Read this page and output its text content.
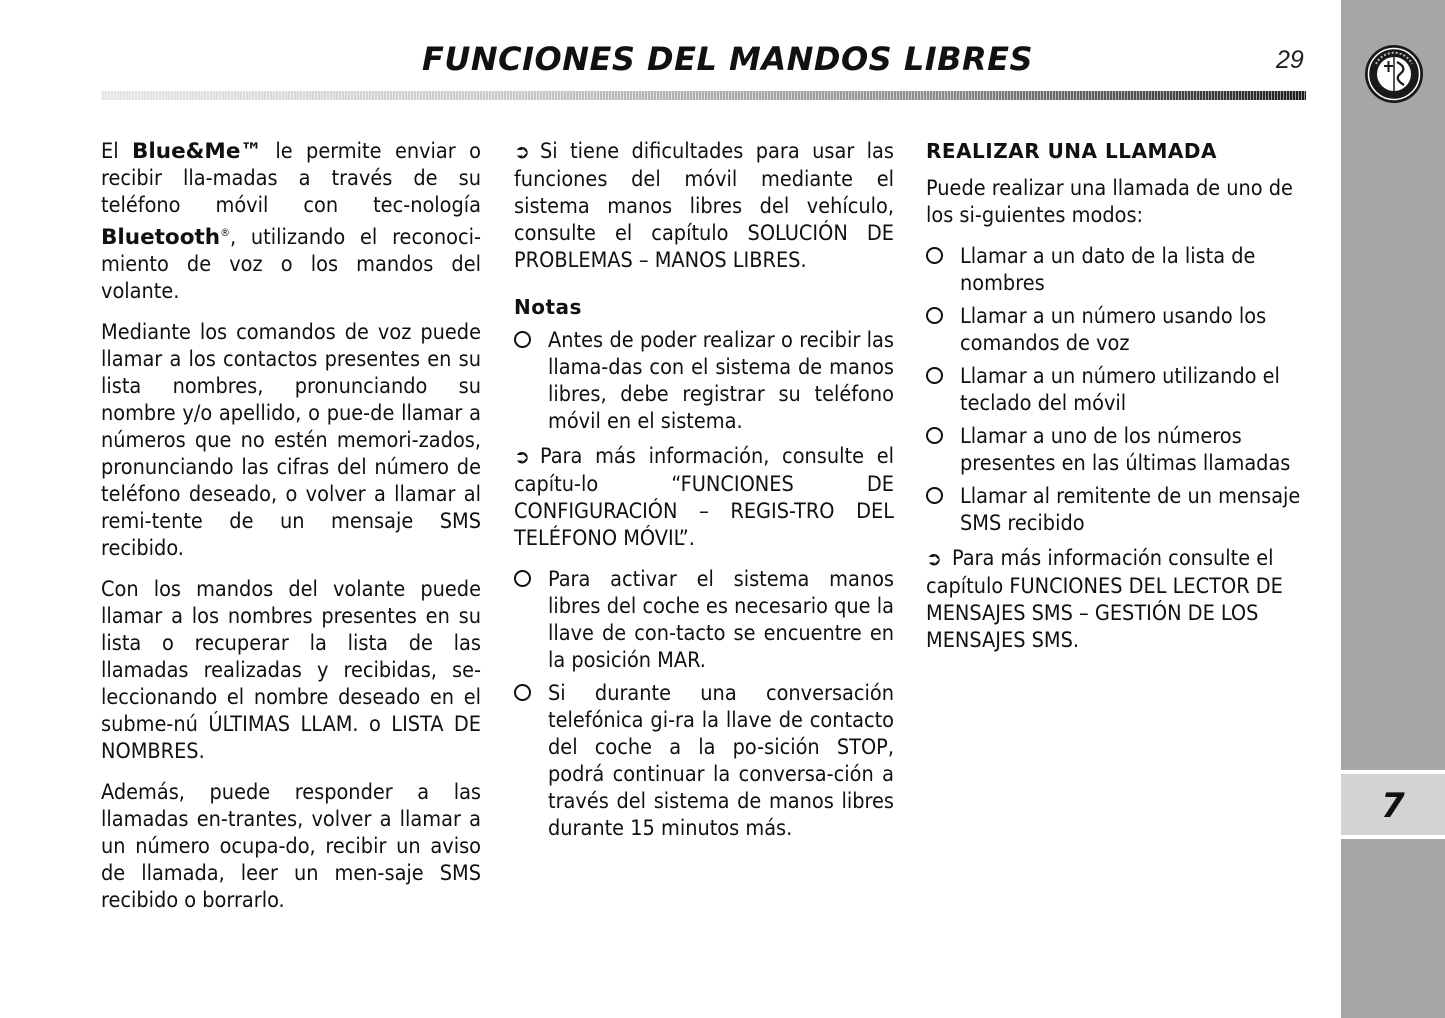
7
FUNCIONES DEL MANDOS LIBRES	29

El Blue&Me™ le permite enviar o recibir lla-madas a través de su teléfono móvil con tec-nología Bluetooth®, utilizando el reconoci-miento de voz o los mandos del volante.

Mediante los comandos de voz puede llamar a los contactos presentes en su lista nombres, pronunciando su nombre y/o apellido, o pue-de llamar a números que no estén memori-zados, pronunciando las cifras del número de teléfono deseado, o volver a llamar al remi-tente de un mensaje SMS recibido.

Con los mandos del volante puede llamar a los nombres presentes en su lista o recuperar la lista de las llamadas realizadas y recibidas, se-leccionando el nombre deseado en el subme-nú ÚLTIMAS LLAM. o LISTA DE NOMBRES.

Además, puede responder a las llamadas en-trantes, volver a llamar a un número ocupa-do, recibir un aviso de llamada, leer un men-saje SMS recibido o borrarlo.

➲ Si tiene dificultades para usar las funciones del móvil mediante el sistema manos libres del vehículo, consulte el capítulo SOLUCIÓN DE PROBLEMAS – MANOS LIBRES.

Notas
Antes de poder realizar o recibir las llama-das con el sistema de manos libres, debe registrar su teléfono móvil en el sistema.

➲ Para más información, consulte el capítu-lo “FUNCIONES DE CONFIGURACIÓN – REGIS-TRO DEL TELÉFONO MÓVIL”.

Para activar el sistema manos libres del coche es necesario que la llave de con-tacto se encuentre en la posición MAR.
Si durante una conversación telefónica gi-ra la llave de contacto del coche a la po-sición STOP, podrá continuar la conversa-ción a través del sistema de manos libres durante 15 minutos más.
REALIZAR UNA LLAMADA

Puede realizar una llamada de uno de los si-guientes modos:

Llamar a un dato de la lista de nombres
Llamar a un número usando los comandos de voz
Llamar a un número utilizando el teclado del móvil
Llamar a uno de los números presentes en las últimas llamadas
Llamar al remitente de un mensaje SMS recibido

➲ Para más información consulte el capítulo FUNCIONES DEL LECTOR DE MENSAJES SMS – GESTIÓN DE LOS MENSAJES SMS.
